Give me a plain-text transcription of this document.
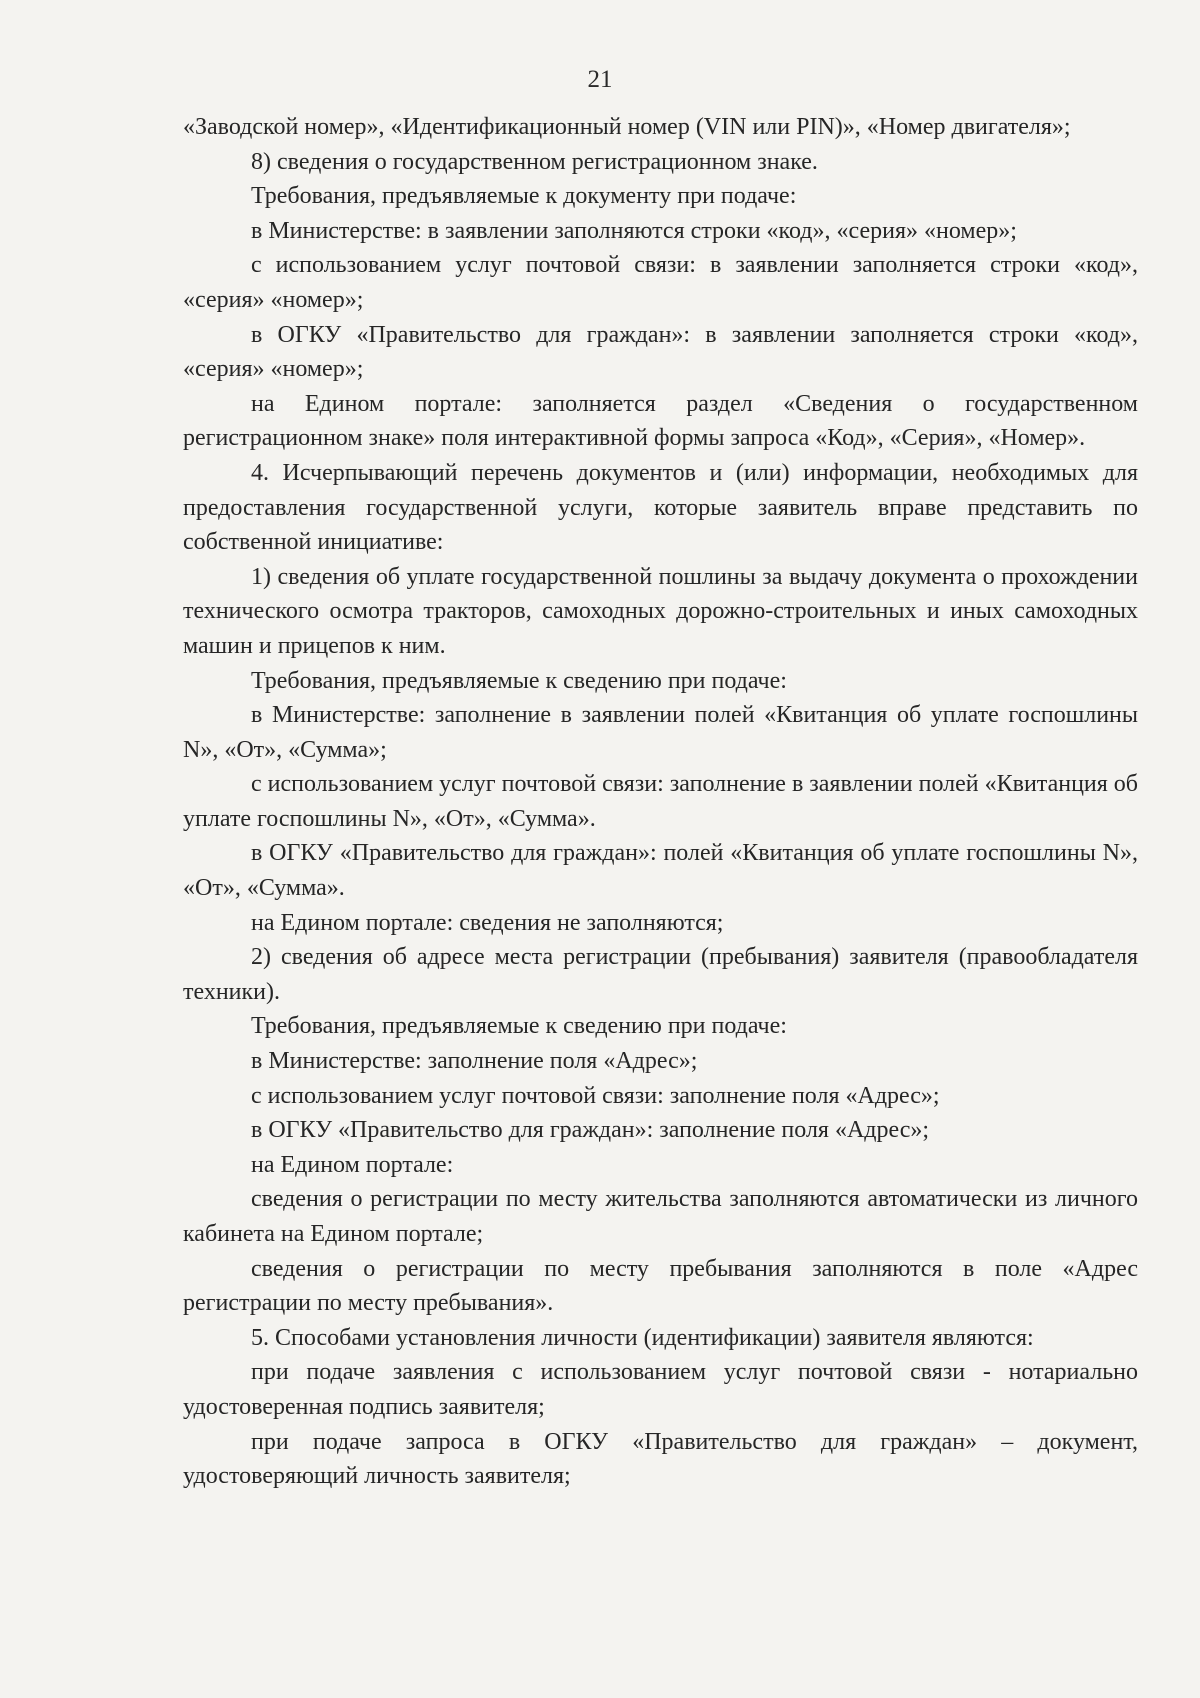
21

«Заводской номер», «Идентификационный номер (VIN или PIN)», «Номер двигателя»;

8) сведения о государственном регистрационном знаке.

Требования, предъявляемые к документу при подаче:

в Министерстве: в заявлении заполняются строки «код», «серия» «номер»;

с использованием услуг почтовой связи: в заявлении заполняется строки «код», «серия» «номер»;

в ОГКУ «Правительство для граждан»: в заявлении заполняется строки «код», «серия» «номер»;

на Едином портале: заполняется раздел «Сведения о государственном регистрационном знаке» поля интерактивной формы запроса «Код», «Серия», «Номер».

4. Исчерпывающий перечень документов и (или) информации, необходимых для предоставления государственной услуги, которые заявитель вправе представить по собственной инициативе:

1) сведения об уплате государственной пошлины за выдачу документа о прохождении технического осмотра тракторов, самоходных дорожно-строительных и иных самоходных машин и прицепов к ним.

Требования, предъявляемые к сведению при подаче:

в Министерстве: заполнение в заявлении полей «Квитанция об уплате госпошлины N», «От», «Сумма»;

с использованием услуг почтовой связи: заполнение в заявлении полей «Квитанция об уплате госпошлины N», «От», «Сумма».

в ОГКУ «Правительство для граждан»: полей «Квитанция об уплате госпошлины N», «От», «Сумма».

на Едином портале: сведения не заполняются;

2) сведения об адресе места регистрации (пребывания) заявителя (правообладателя техники).

Требования, предъявляемые к сведению при подаче:

в Министерстве: заполнение поля «Адрес»;

с использованием услуг почтовой связи: заполнение поля «Адрес»;

в ОГКУ «Правительство для граждан»: заполнение поля «Адрес»;

на Едином портале:

сведения о регистрации по месту жительства заполняются автоматически из личного кабинета на Едином портале;

сведения о регистрации по месту пребывания заполняются в поле «Адрес регистрации по месту пребывания».

5. Способами установления личности (идентификации) заявителя являются:

при подаче заявления с использованием услуг почтовой связи - нотариально удостоверенная подпись заявителя;

при подаче запроса в ОГКУ «Правительство для граждан» – документ, удостоверяющий личность заявителя;
